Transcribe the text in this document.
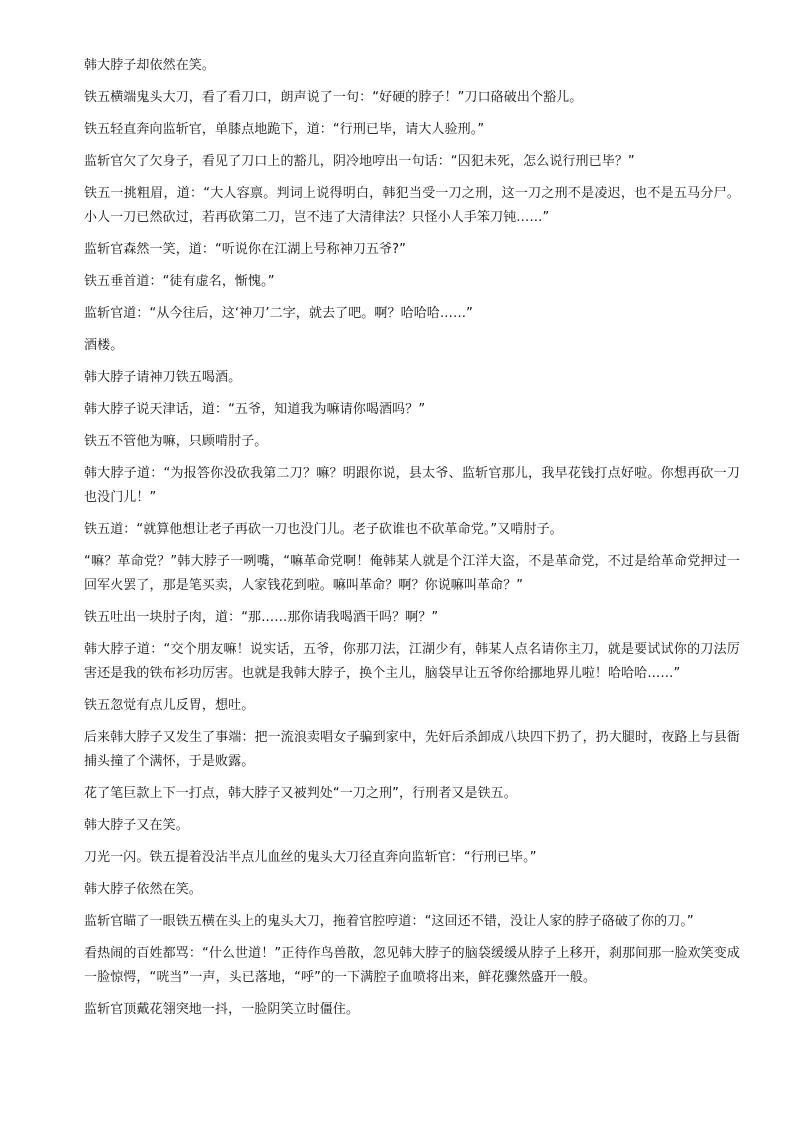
韩大脖子却依然在笑。

铁五横端鬼头大刀，看了看刀口，朗声说了一句：“好硬的脖子！”刀口硌破出个豁儿。

铁五轻直奔向监斩官，单膝点地跪下，道：“行刑已毕，请大人验刑。”

监斩官欠了欠身子，看见了刀口上的豁儿，阴冷地哼出一句话：“囚犯未死，怎么说行刑已毕？”

铁五一挑粗眉，道：“大人容禀。判词上说得明白，韩犯当受一刀之刑，这一刀之刑不是凌迟，也不是五马分尸。小人一刀已然砍过，若再砍第二刀，岂不违了大清律法？只怪小人手笨刀钝……”

监斩官森然一笑，道：“听说你在江湖上号称神刀五爷?”

铁五垂首道：“徒有虚名，惭愧。”

监斩官道：“从今往后，这‘神刀’二字，就去了吧。啊？哈哈哈……”

酒楼。

韩大脖子请神刀铁五喝酒。

韩大脖子说天津话，道：“五爷，知道我为嘛请你喝酒吗？”

铁五不管他为嘛，只顾啃肘子。

韩大脖子道：“为报答你没砍我第二刀？嘛？明跟你说，县太爷、监斩官那儿，我早花钱打点好啦。你想再砍一刀也没门儿！”

铁五道：“就算他想让老子再砍一刀也没门儿。老子砍谁也不砍革命党。”又啃肘子。

“嘛？革命党？”韩大脖子一咧嘴，“嘛革命党啊！俺韩某人就是个江洋大盗，不是革命党，不过是给革命党押过一回军火罢了，那是笔买卖，人家钱花到啦。嘛叫革命？啊？你说嘛叫革命？”

铁五吐出一块肘子肉，道：“那……那你请我喝酒干吗？啊？”

韩大脖子道：“交个朋友嘛！说实话，五爷，你那刀法，江湖少有，韩某人点名请你主刀，就是要试试你的刀法厉害还是我的铁布衫功厉害。也就是我韩大脖子，换个主儿，脑袋早让五爷你给挪地界儿啦！哈哈哈……”

铁五忽觉有点儿反胃，想吐。

后来韩大脖子又发生了事端：把一流浪卖唱女子骗到家中，先奸后杀卸成八块四下扔了，扔大腿时，夜路上与县衙捕头撞了个满怀，于是败露。

花了笔巨款上下一打点，韩大脖子又被判处“一刀之刑”，行刑者又是铁五。

韩大脖子又在笑。

刀光一闪。铁五提着没沾半点儿血丝的鬼头大刀径直奔向监斩官：“行刑已毕。”

韩大脖子依然在笑。

监斩官瞄了一眼铁五横在头上的鬼头大刀，拖着官腔哼道：“这回还不错，没让人家的脖子硌破了你的刀。”

看热闹的百姓都骂：“什么世道！”正待作鸟兽散，忽见韩大脖子的脑袋缓缓从脖子上移开，刹那间那一脸欢笑变成一脸惊愕，“咣当”一声，头已落地，“呼”的一下满腔子血喷将出来，鲜花骤然盛开一般。

监斩官顶戴花翎突地一抖，一脸阴笑立时僵住。
